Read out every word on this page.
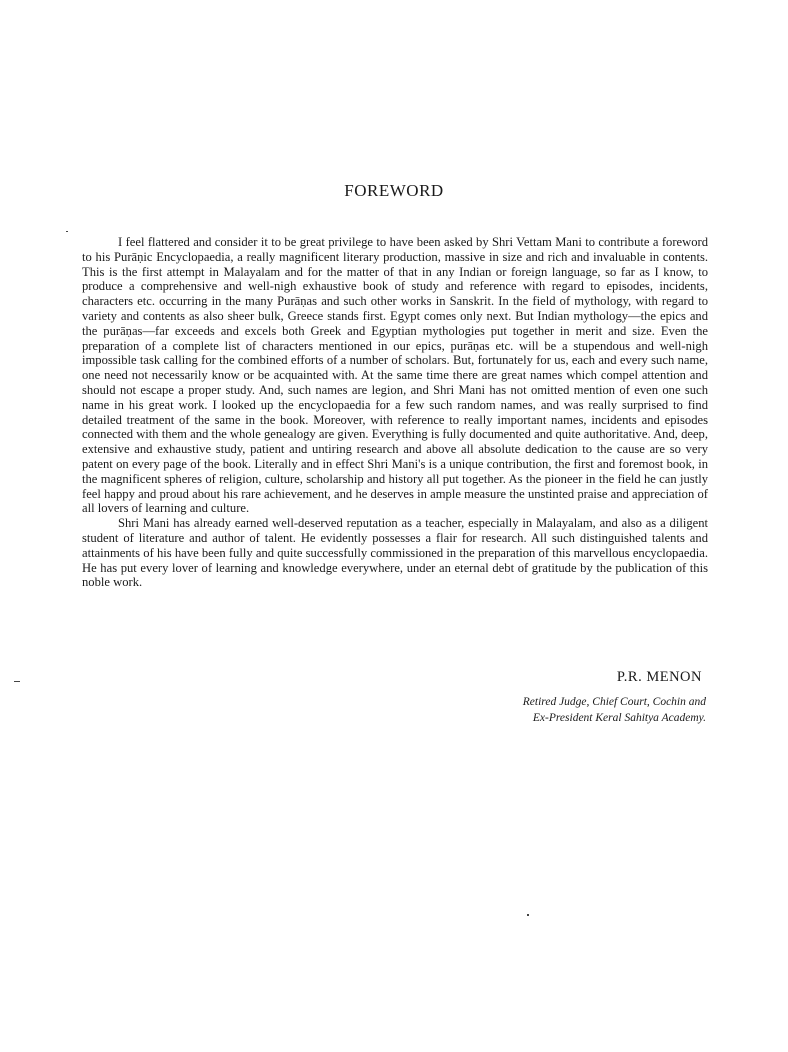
FOREWORD

I feel flattered and consider it to be great privilege to have been asked by Shri Vettam Mani to contribute a foreword to his Purāṇic Encyclopaedia, a really magnificent literary production, massive in size and rich and invaluable in contents. This is the first attempt in Malayalam and for the matter of that in any Indian or foreign language, so far as I know, to produce a comprehensive and well-nigh exhaustive book of study and reference with regard to episodes, incidents, characters etc. occurring in the many Purāṇas and such other works in Sanskrit. In the field of mythology, with regard to variety and contents as also sheer bulk, Greece stands first. Egypt comes only next. But Indian mythology—the epics and the purāṇas—far exceeds and excels both Greek and Egyptian mythologies put together in merit and size. Even the preparation of a complete list of characters mentioned in our epics, purāṇas etc. will be a stupendous and well-nigh impossible task calling for the combined efforts of a number of scholars. But, fortunately for us, each and every such name, one need not necessarily know or be acquainted with. At the same time there are great names which compel attention and should not escape a proper study. And, such names are legion, and Shri Mani has not omitted mention of even one such name in his great work. I looked up the encyclopaedia for a few such random names, and was really surprised to find detailed treatment of the same in the book. Moreover, with reference to really important names, incidents and episodes connected with them and the whole genealogy are given. Everything is fully documented and quite authoritative. And, deep, extensive and exhaustive study, patient and untiring research and above all absolute dedication to the cause are so very patent on every page of the book. Literally and in effect Shri Mani's is a unique contribution, the first and foremost book, in the magnificent spheres of religion, culture, scholarship and history all put together. As the pioneer in the field he can justly feel happy and proud about his rare achievement, and he deserves in ample measure the unstinted praise and appreciation of all lovers of learning and culture.

Shri Mani has already earned well-deserved reputation as a teacher, especially in Malayalam, and also as a diligent student of literature and author of talent. He evidently possesses a flair for research. All such distinguished talents and attainments of his have been fully and quite successfully commissioned in the preparation of this marvellous encyclopaedia. He has put every lover of learning and knowledge everywhere, under an eternal debt of gratitude by the publication of this noble work.

P.R. MENON
Retired Judge, Chief Court, Cochin and
Ex-President Keral Sahitya Academy.
